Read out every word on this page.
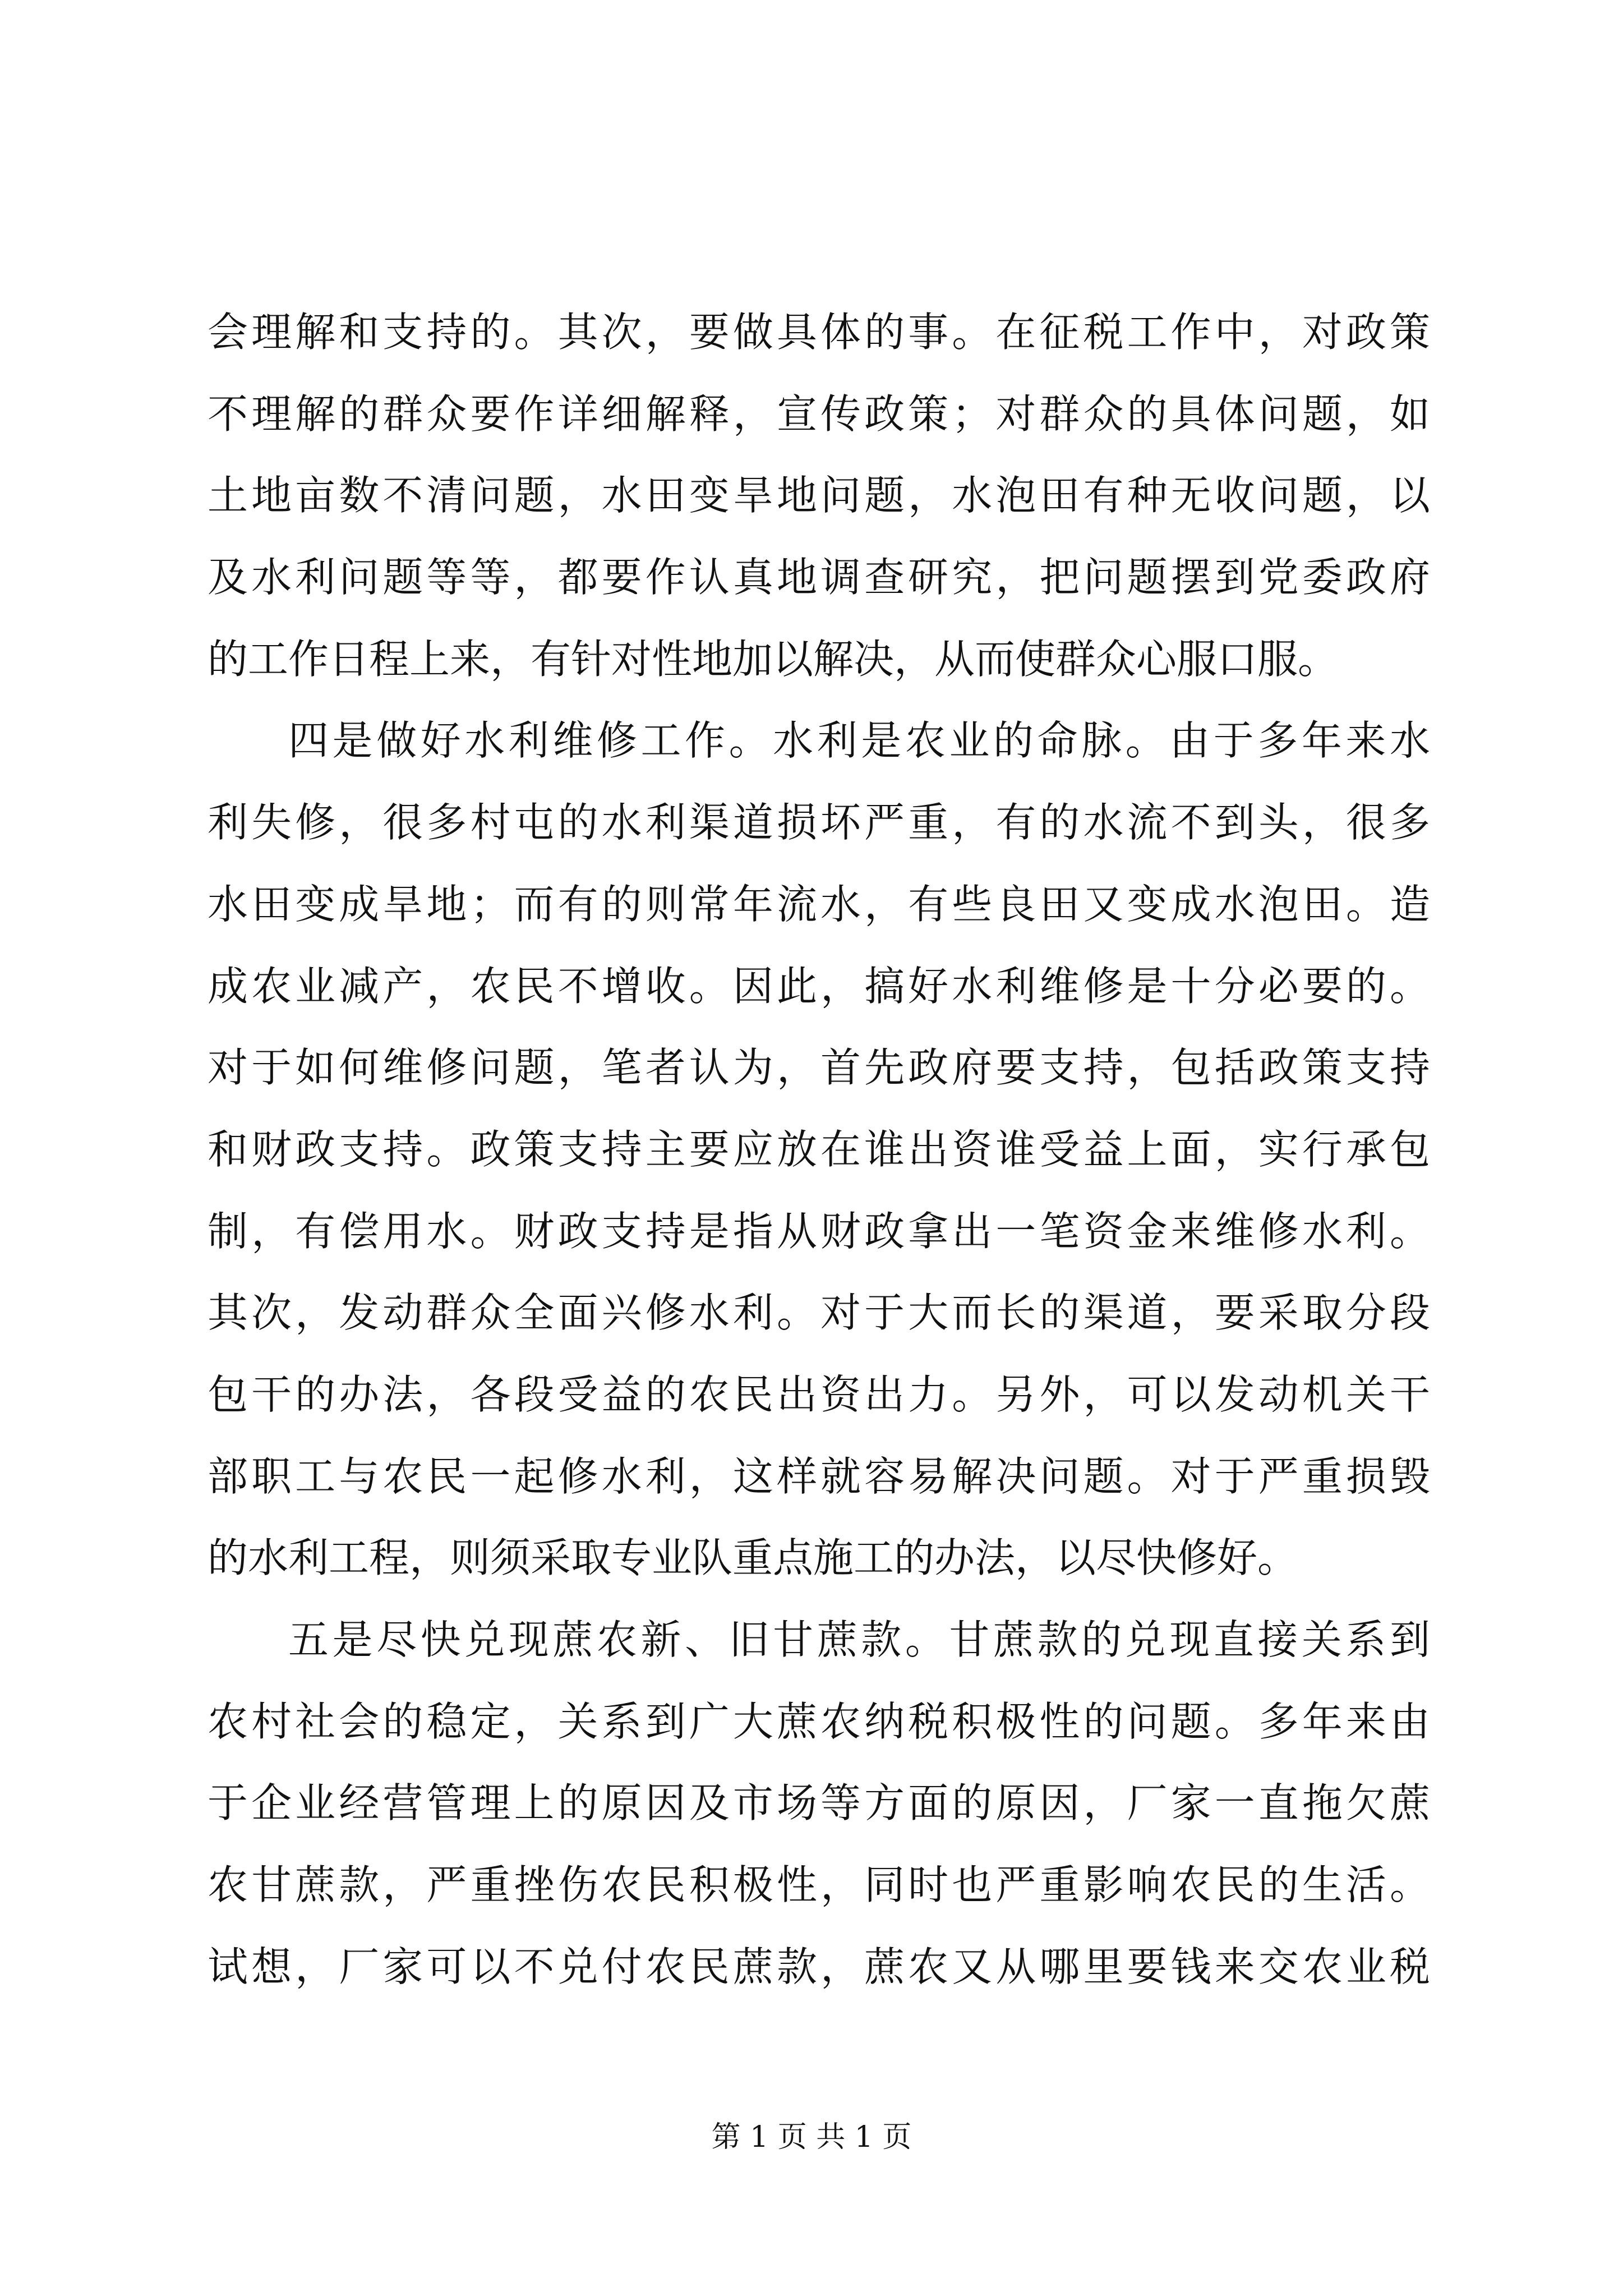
会理解和支持的。其次，要做具体的事。在征税工作中，对政策
不理解的群众要作详细解释，宣传政策；对群众的具体问题，如
土地亩数不清问题，水田变旱地问题，水泡田有种无收问题，以
及水利问题等等，都要作认真地调查研究，把问题摆到党委政府
的工作日程上来，有针对性地加以解决，从而使群众心服口服。
四是做好水利维修工作。水利是农业的命脉。由于多年来水
利失修，很多村屯的水利渠道损坏严重，有的水流不到头，很多
水田变成旱地；而有的则常年流水，有些良田又变成水泡田。造
成农业减产，农民不增收。因此，搞好水利维修是十分必要的。
对于如何维修问题，笔者认为，首先政府要支持，包括政策支持
和财政支持。政策支持主要应放在谁出资谁受益上面，实行承包
制，有偿用水。财政支持是指从财政拿出一笔资金来维修水利。
其次，发动群众全面兴修水利。对于大而长的渠道，要采取分段
包干的办法，各段受益的农民出资出力。另外，可以发动机关干
部职工与农民一起修水利，这样就容易解决问题。对于严重损毁
的水利工程，则须采取专业队重点施工的办法，以尽快修好。
五是尽快兑现蔗农新、旧甘蔗款。甘蔗款的兑现直接关系到
农村社会的稳定，关系到广大蔗农纳税积极性的问题。多年来由
于企业经营管理上的原因及市场等方面的原因，厂家一直拖欠蔗
农甘蔗款，严重挫伤农民积极性，同时也严重影响农民的生活。
试想，厂家可以不兑付农民蔗款，蔗农又从哪里要钱来交农业税
第 1 页 共 1 页
